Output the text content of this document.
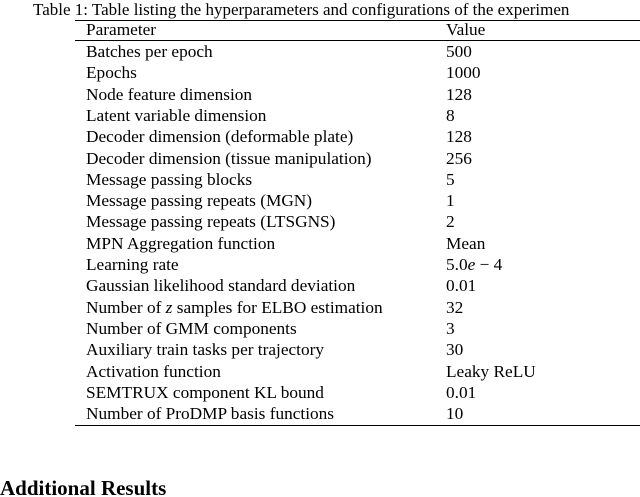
Table 1: Table listing the hyperparameters and configurations of the experimen
Parameter	Value
Batches per epoch	500
Epochs	1000
Node feature dimension	128
Latent variable dimension	8
Decoder dimension (deformable plate)	128
Decoder dimension (tissue manipulation)	256
Message passing blocks	5
Message passing repeats (MGN)	1
Message passing repeats (LTSGNS)	2
MPN Aggregation function	Mean
Learning rate	5.0e − 4
Gaussian likelihood standard deviation	0.01
Number of z samples for ELBO estimation	32
Number of GMM components	3
Auxiliary train tasks per trajectory	30
Activation function	Leaky ReLU
SEMTRUX component KL bound	0.01
Number of ProDMP basis functions	10
Additional Results
